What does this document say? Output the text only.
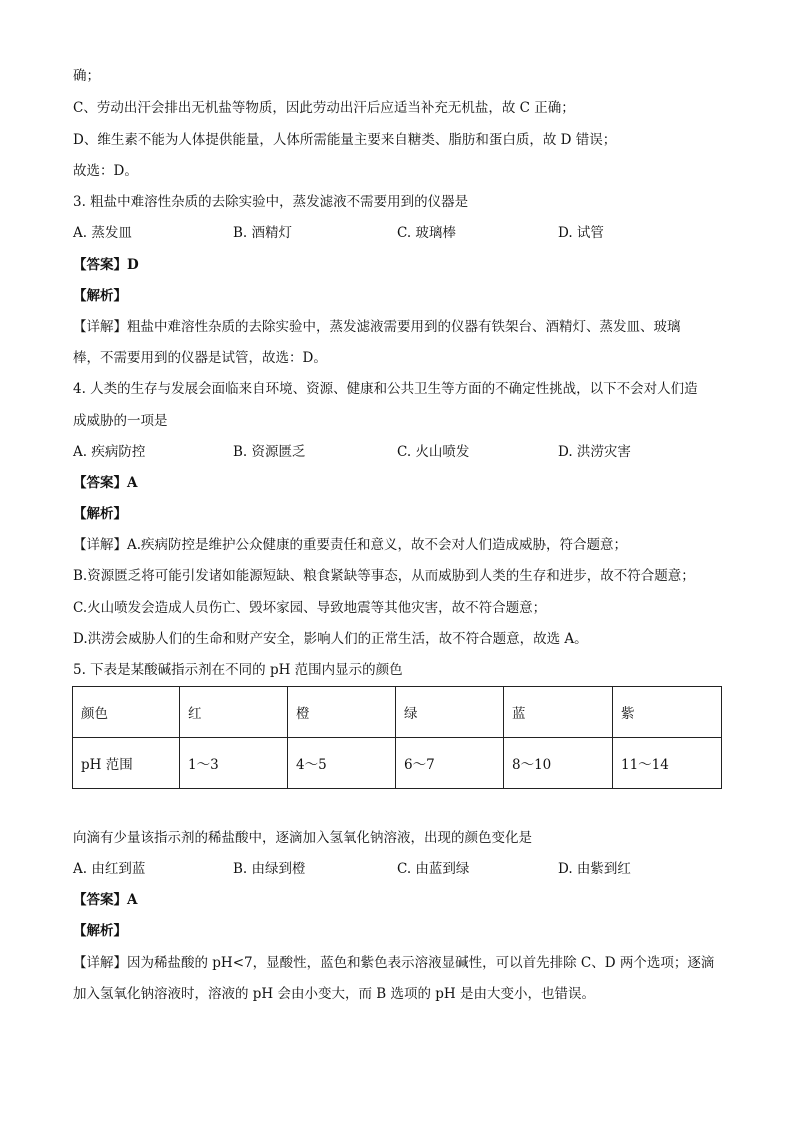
确；
C、劳动出汗会排出无机盐等物质，因此劳动出汗后应适当补充无机盐，故 C 正确；
D、维生素不能为人体提供能量，人体所需能量主要来自糖类、脂肪和蛋白质，故 D 错误；
故选：D。
3. 粗盐中难溶性杂质的去除实验中，蒸发滤液不需要用到的仪器是
A. 蒸发皿	B. 酒精灯	C. 玻璃棒	D. 试管
【答案】D
【解析】
【详解】粗盐中难溶性杂质的去除实验中，蒸发滤液需要用到的仪器有铁架台、酒精灯、蒸发皿、玻璃
棒，不需要用到的仪器是试管，故选：D。
4. 人类的生存与发展会面临来自环境、资源、健康和公共卫生等方面的不确定性挑战，以下不会对人们造
成威胁的一项是
A. 疾病防控	B. 资源匮乏	C. 火山喷发	D. 洪涝灾害
【答案】A
【解析】
【详解】A.疾病防控是维护公众健康的重要责任和意义，故不会对人们造成威胁，符合题意；
B.资源匮乏将可能引发诸如能源短缺、粮食紧缺等事态，从而威胁到人类的生存和进步，故不符合题意；
C.火山喷发会造成人员伤亡、毁坏家园、导致地震等其他灾害，故不符合题意；
D.洪涝会威胁人们的生命和财产安全，影响人们的正常生活，故不符合题意，故选 A。
5. 下表是某酸碱指示剂在不同的 pH 范围内显示的颜色
颜色	红	橙	绿	蓝	紫
pH 范围	1～3	4～5	6～7	8～10	11～14
向滴有少量该指示剂的稀盐酸中，逐滴加入氢氧化钠溶液，出现的颜色变化是
A. 由红到蓝	B. 由绿到橙	C. 由蓝到绿	D. 由紫到红
【答案】A
【解析】
【详解】因为稀盐酸的 pH<7，显酸性，蓝色和紫色表示溶液显碱性，可以首先排除 C、D 两个选项；逐滴
加入氢氧化钠溶液时，溶液的 pH 会由小变大，而 B 选项的 pH 是由大变小，也错误。
